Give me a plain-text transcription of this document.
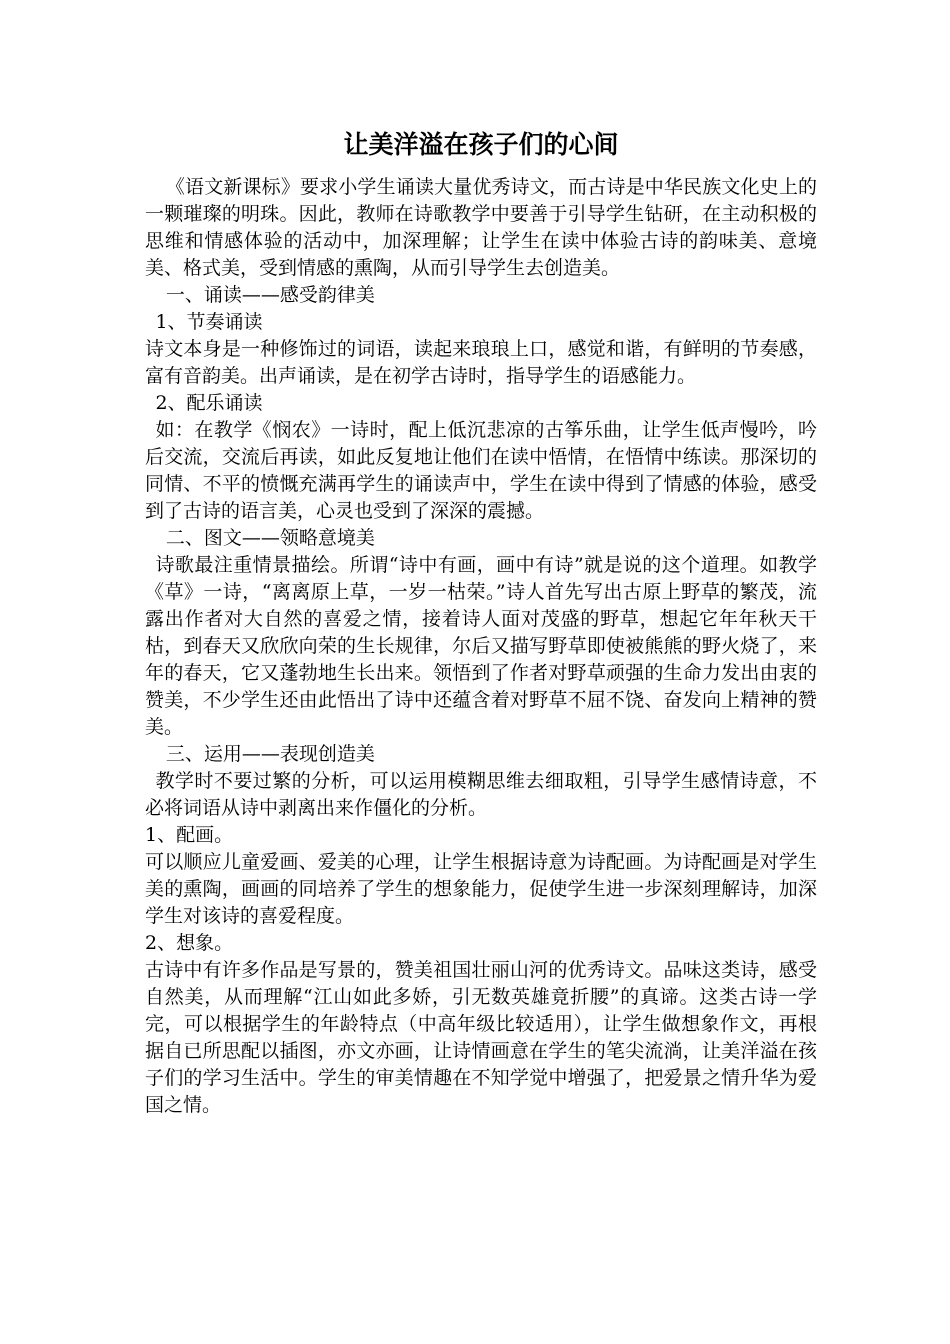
让美洋溢在孩子们的心间

《语文新课标》要求小学生诵读大量优秀诗文，而古诗是中华民族文化史上的一颗璀璨的明珠。因此，教师在诗歌教学中要善于引导学生钻研，在主动积极的思维和情感体验的活动中，加深理解；让学生在读中体验古诗的韵味美、意境美、格式美，受到情感的熏陶，从而引导学生去创造美。

一、诵读——感受韵律美

1、节奏诵读

诗文本身是一种修饰过的词语，读起来琅琅上口，感觉和谐，有鲜明的节奏感，富有音韵美。出声诵读，是在初学古诗时，指导学生的语感能力。

2、配乐诵读

如：在教学《悯农》一诗时，配上低沉悲凉的古筝乐曲，让学生低声慢吟，吟后交流，交流后再读，如此反复地让他们在读中悟情，在悟情中练读。那深切的同情、不平的愤慨充满再学生的诵读声中，学生在读中得到了情感的体验，感受到了古诗的语言美，心灵也受到了深深的震撼。

二、图文——领略意境美

诗歌最注重情景描绘。所谓“诗中有画，画中有诗”就是说的这个道理。如教学《草》一诗，“离离原上草，一岁一枯荣。”诗人首先写出古原上野草的繁茂，流露出作者对大自然的喜爱之情，接着诗人面对茂盛的野草，想起它年年秋天干枯，到春天又欣欣向荣的生长规律，尔后又描写野草即使被熊熊的野火烧了，来年的春天，它又蓬勃地生长出来。领悟到了作者对野草顽强的生命力发出由衷的赞美，不少学生还由此悟出了诗中还蕴含着对野草不屈不饶、奋发向上精神的赞美。

三、运用——表现创造美

教学时不要过繁的分析，可以运用模糊思维去细取粗，引导学生感情诗意，不必将词语从诗中剥离出来作僵化的分析。

1、配画。

可以顺应儿童爱画、爱美的心理，让学生根据诗意为诗配画。为诗配画是对学生美的熏陶，画画的同培养了学生的想象能力，促使学生进一步深刻理解诗，加深学生对该诗的喜爱程度。

2、想象。

古诗中有许多作品是写景的，赞美祖国壮丽山河的优秀诗文。品味这类诗，感受自然美，从而理解“江山如此多娇，引无数英雄竟折腰”的真谛。这类古诗一学完，可以根据学生的年龄特点（中高年级比较适用），让学生做想象作文，再根据自已所思配以插图，亦文亦画，让诗情画意在学生的笔尖流淌，让美洋溢在孩子们的学习生活中。学生的审美情趣在不知学觉中增强了，把爱景之情升华为爱国之情。
